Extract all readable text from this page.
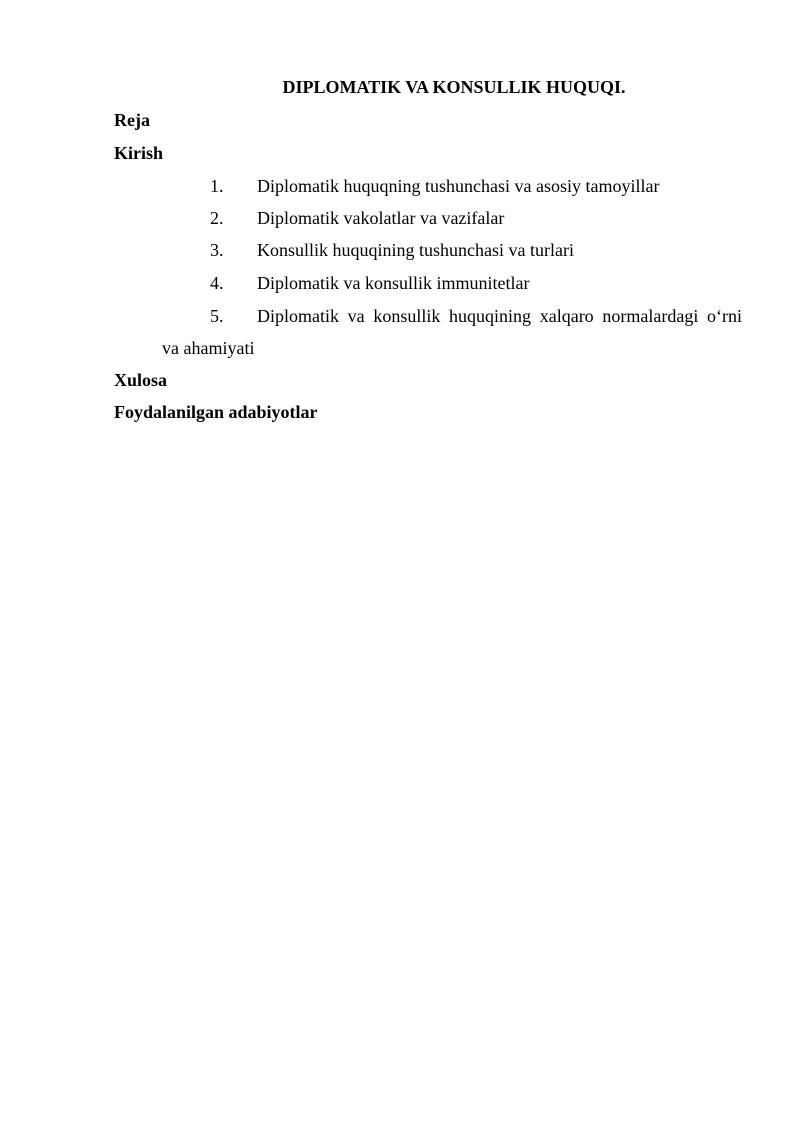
DIPLOMATIK VA KONSULLIK HUQUQI.
Reja
Kirish
1. Diplomatik huquqning tushunchasi va asosiy tamoyillar
2. Diplomatik vakolatlar va vazifalar
3. Konsullik huquqining tushunchasi va turlari
4. Diplomatik va konsullik immunitetlar
5. Diplomatik va konsullik huquqining xalqaro normalardagi o‘rni
va ahamiyati
Xulosa
Foydalanilgan adabiyotlar
